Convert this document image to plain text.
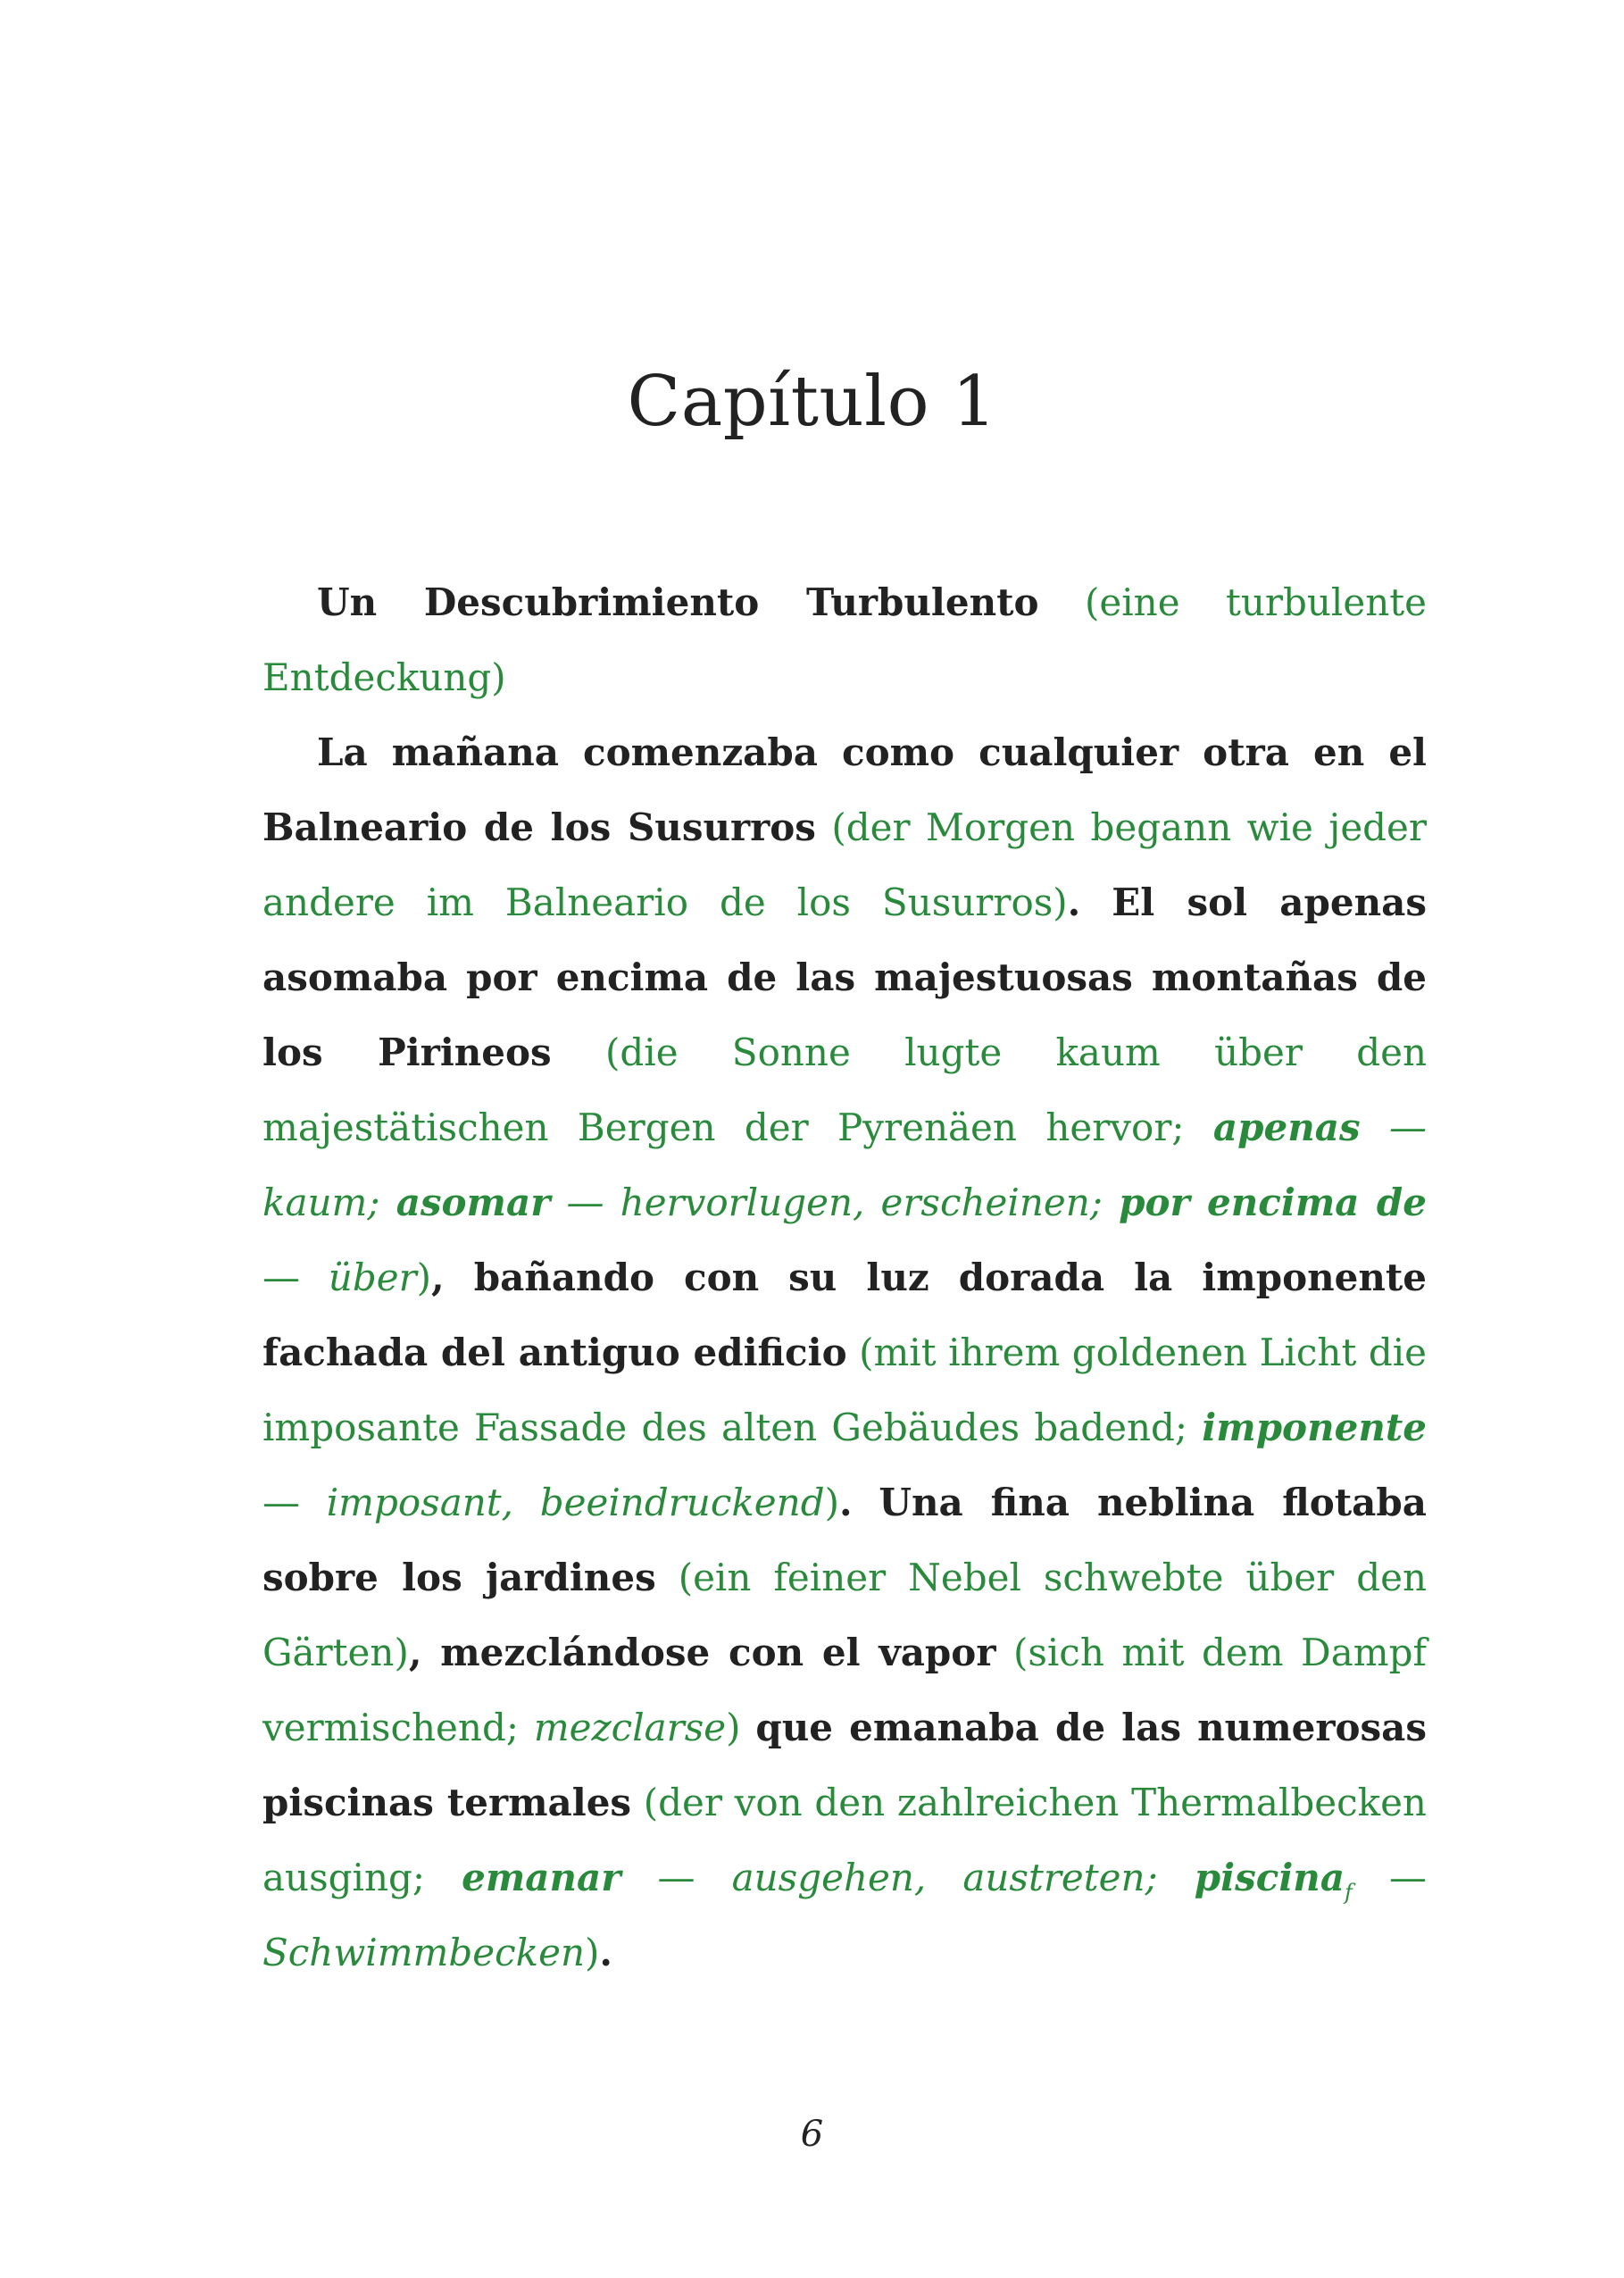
Capítulo 1

Un Descubrimiento Turbulento (eine turbulente Entdeckung)

La mañana comenzaba como cualquier otra en el Balneario de los Susurros (der Morgen begann wie jeder andere im Balneario de los Susurros). El sol apenas asomaba por encima de las majestuosas montañas de los Pirineos (die Sonne lugte kaum über den majestätischen Bergen der Pyrenäen hervor; apenas — kaum; asomar — hervorlugen, erscheinen; por encima de — über), bañando con su luz dorada la imponente fachada del antiguo edificio (mit ihrem goldenen Licht die imposante Fassade des alten Gebäudes badend; imponente — imposant, beeindruckend). Una fina neblina flotaba sobre los jardines (ein feiner Nebel schwebte über den Gärten), mezclándose con el vapor (sich mit dem Dampf vermischend; mezclarse) que emanaba de las numerosas piscinas termales (der von den zahlreichen Thermalbecken ausging; emanar — ausgehen, austreten; piscina$_f$ — Schwimmbecken).

6
